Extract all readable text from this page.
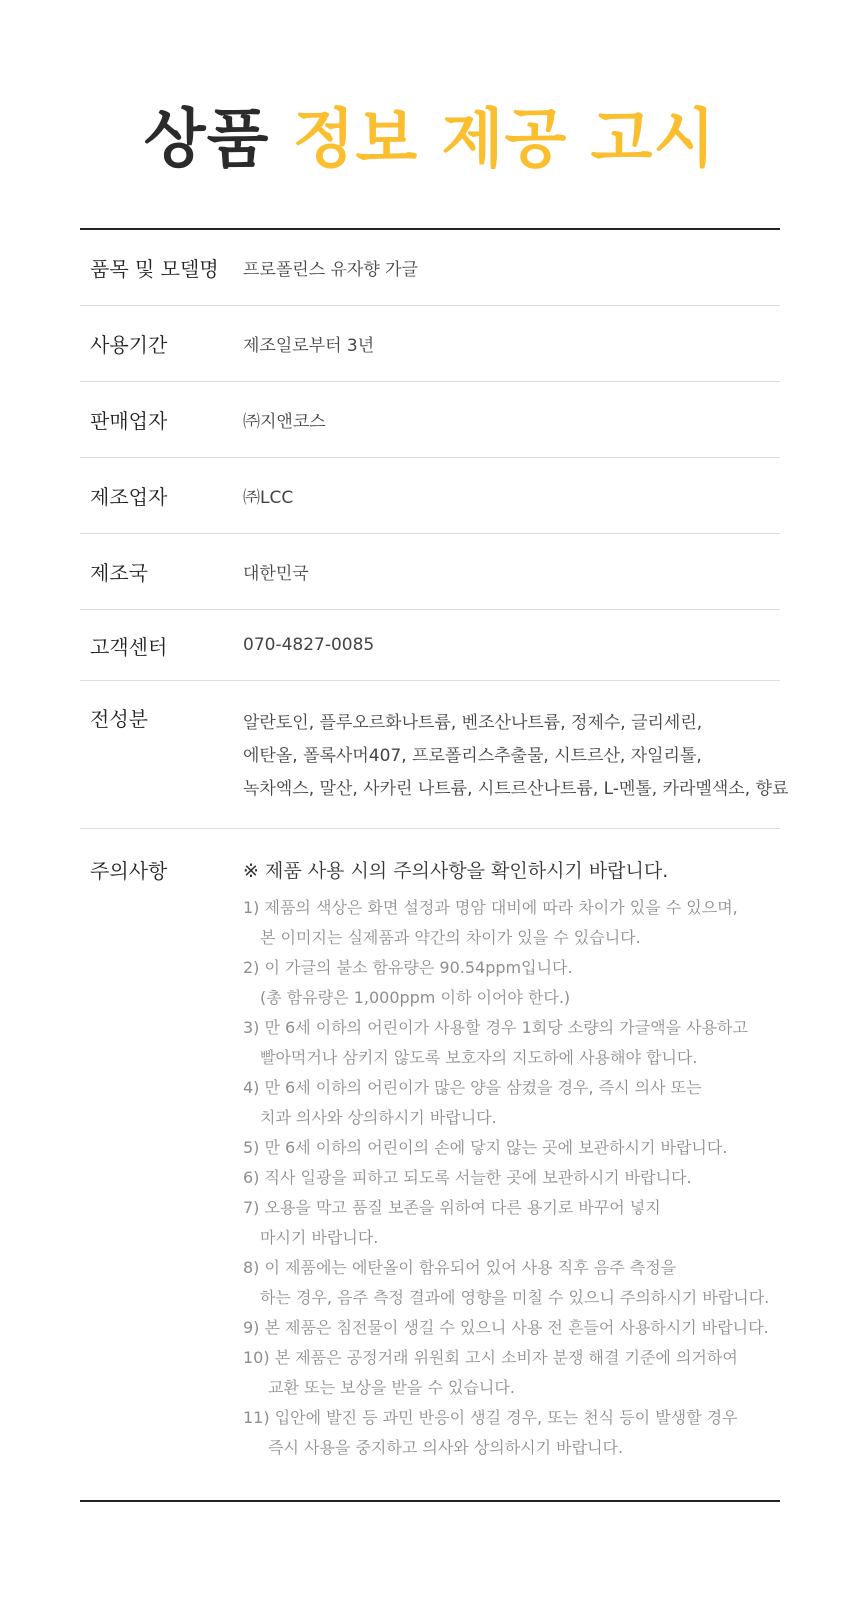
상품 정보 제공 고시
품목 및 모델명	프로폴린스 유자향 가글
사용기간	제조일로부터 3년
판매업자	㈜지앤코스
제조업자	㈜LCC
제조국	대한민국
고객센터	070-4827-0085
전성분	알란토인, 플루오르화나트륨, 벤조산나트륨, 정제수, 글리세린,
에탄올, 폴록사머407, 프로폴리스추출물, 시트르산, 자일리톨,
녹차엑스, 말산, 사카린 나트륨, 시트르산나트륨, L-멘톨, 카라멜색소, 향료
주의사항	※ 제품 사용 시의 주의사항을 확인하시기 바랍니다.
1) 제품의 색상은 화면 설정과 명암 대비에 따라 차이가 있을 수 있으며,
본 이미지는 실제품과 약간의 차이가 있을 수 있습니다.
2) 이 가글의 불소 함유량은 90.54ppm입니다.
(총 함유량은 1,000ppm 이하 이어야 한다.)
3) 만 6세 이하의 어린이가 사용할 경우 1회당 소량의 가글액을 사용하고
빨아먹거나 삼키지 않도록 보호자의 지도하에 사용해야 합니다.
4) 만 6세 이하의 어린이가 많은 양을 삼켰을 경우, 즉시 의사 또는
치과 의사와 상의하시기 바랍니다.
5) 만 6세 이하의 어린이의 손에 닿지 않는 곳에 보관하시기 바랍니다.
6) 직사 일광을 피하고 되도록 서늘한 곳에 보관하시기 바랍니다.
7) 오용을 막고 품질 보존을 위하여 다른 용기로 바꾸어 넣지
마시기 바랍니다.
8) 이 제품에는 에탄올이 함유되어 있어 사용 직후 음주 측정을
하는 경우, 음주 측정 결과에 영향을 미칠 수 있으니 주의하시기 바랍니다.
9) 본 제품은 침전물이 생길 수 있으니 사용 전 흔들어 사용하시기 바랍니다.
10) 본 제품은 공정거래 위원회 고시 소비자 분쟁 해결 기준에 의거하여
교환 또는 보상을 받을 수 있습니다.
11) 입안에 발진 등 과민 반응이 생길 경우, 또는 천식 등이 발생할 경우
즉시 사용을 중지하고 의사와 상의하시기 바랍니다.
